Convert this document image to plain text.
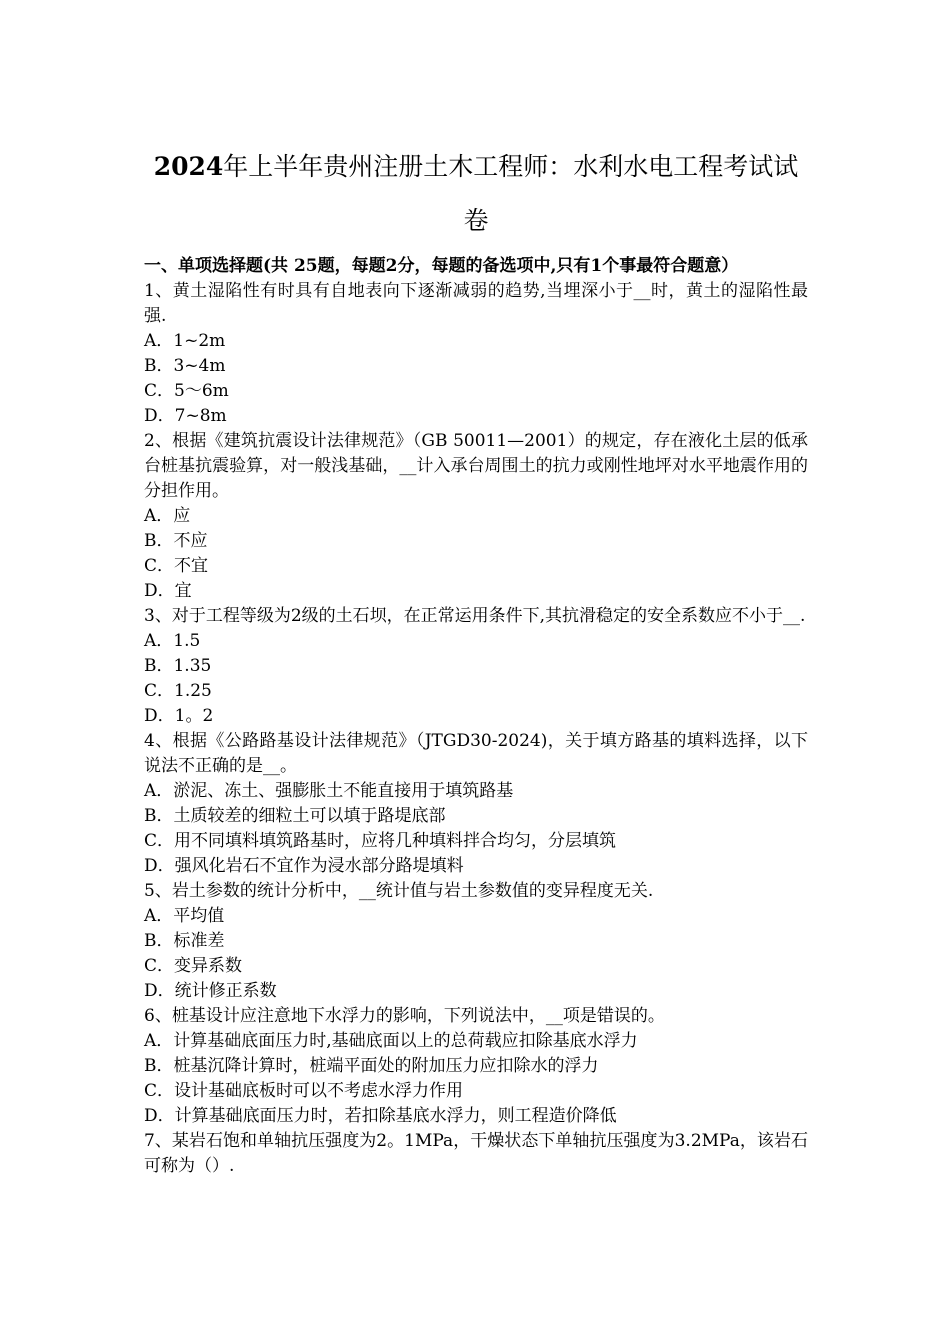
2024年上半年贵州注册土木工程师：水利水电工程考试试
卷
一、单项选择题(共 25题，每题2分，每题的备选项中,只有1个事最符合题意）
1、黄土湿陷性有时具有自地表向下逐渐减弱的趋势,当埋深小于__时，黄土的湿陷性最强.
A．1~2m
B．3~4m
C．5～6m
D．7~8m
2、根据《建筑抗震设计法律规范》（GB 50011—2001）的规定，存在液化土层的低承台桩基抗震验算，对一般浅基础，__计入承台周围土的抗力或刚性地坪对水平地震作用的分担作用。
A．应
B．不应
C．不宜
D．宜
3、对于工程等级为2级的土石坝，在正常运用条件下,其抗滑稳定的安全系数应不小于__.
A．1.5
B．1.35
C．1.25
D．1。2
4、根据《公路路基设计法律规范》（JTGD30-2024)，关于填方路基的填料选择，以下说法不正确的是__。
A．淤泥、冻土、强膨胀土不能直接用于填筑路基
B．土质较差的细粒土可以填于路堤底部
C．用不同填料填筑路基时，应将几种填料拌合均匀，分层填筑
D．强风化岩石不宜作为浸水部分路堤填料
5、岩土参数的统计分析中，__统计值与岩土参数值的变异程度无关.
A．平均值
B．标准差
C．变异系数
D．统计修正系数
6、桩基设计应注意地下水浮力的影响，下列说法中，__项是错误的。
A．计算基础底面压力时,基础底面以上的总荷载应扣除基底水浮力
B．桩基沉降计算时，桩端平面处的附加压力应扣除水的浮力
C．设计基础底板时可以不考虑水浮力作用
D．计算基础底面压力时，若扣除基底水浮力，则工程造价降低
7、某岩石饱和单轴抗压强度为2。1MPa，干燥状态下单轴抗压强度为3.2MPa，该岩石可称为（）.
